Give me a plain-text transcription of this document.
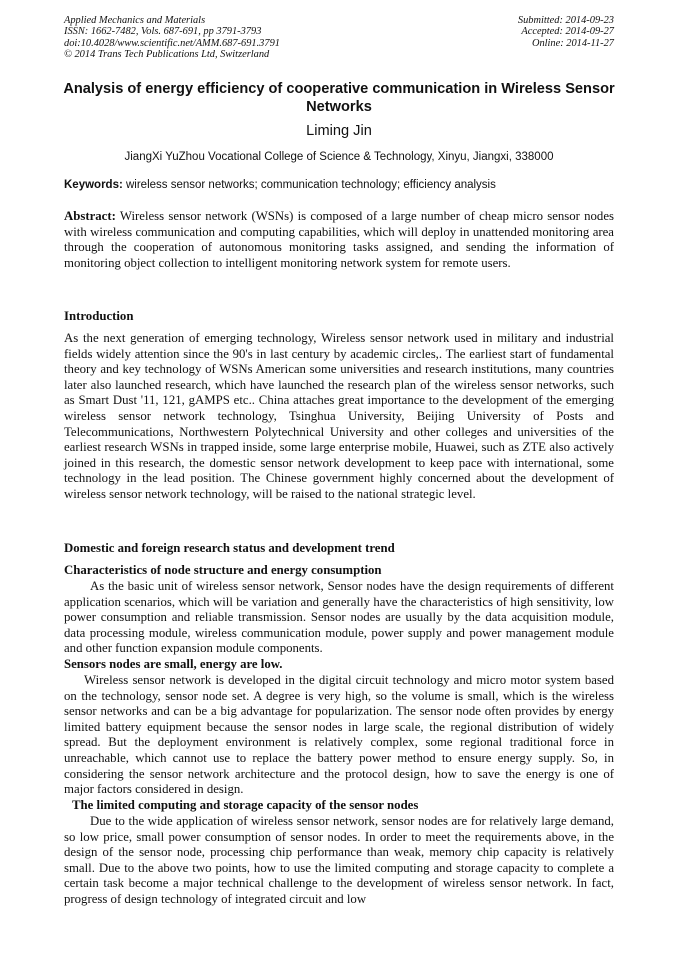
Applied Mechanics and Materials
ISSN: 1662-7482, Vols. 687-691, pp 3791-3793
doi:10.4028/www.scientific.net/AMM.687-691.3791
© 2014 Trans Tech Publications Ltd, Switzerland
Submitted: 2014-09-23
Accepted: 2014-09-27
Online: 2014-11-27
Analysis of energy efficiency of cooperative communication in Wireless Sensor Networks
Liming Jin
JiangXi YuZhou Vocational College of Science & Technology, Xinyu, Jiangxi, 338000
Keywords: wireless sensor networks; communication technology; efficiency analysis
Abstract: Wireless sensor network (WSNs) is composed of a large number of cheap micro sensor nodes with wireless communication and computing capabilities, which will deploy in unattended monitoring area through the cooperation of autonomous monitoring tasks assigned, and sending the information of monitoring object collection to intelligent monitoring network system for remote users.
Introduction
As the next generation of emerging technology, Wireless sensor network used in military and industrial fields widely attention since the 90's in last century by academic circles,. The earliest start of fundamental theory and key technology of WSNs American some universities and research institutions, many countries later also launched research, which have launched the research plan of the wireless sensor networks, such as Smart Dust '11, 121, gAMPS etc.. China attaches great importance to the development of the emerging wireless sensor network technology, Tsinghua University, Beijing University of Posts and Telecommunications, Northwestern Polytechnical University and other colleges and universities of the earliest research WSNs in trapped inside, some large enterprise mobile, Huawei, such as ZTE also actively joined in this research, the domestic sensor network development to keep pace with international, some technology in the lead position. The Chinese government highly concerned about the development of wireless sensor network technology, will be raised to the national strategic level.
Domestic and foreign research status and development trend
Characteristics of node structure and energy consumption
As the basic unit of wireless sensor network, Sensor nodes have the design requirements of different application scenarios, which will be variation and generally have the characteristics of high sensitivity, low power consumption and reliable transmission. Sensor nodes are usually by the data acquisition module, data processing module, wireless communication module, power supply and power management module and other function expansion module components.
Sensors nodes are small, energy are low.
Wireless sensor network is developed in the digital circuit technology and micro motor system based on the technology, sensor node set. A degree is very high, so the volume is small, which is the wireless sensor networks and can be a big advantage for popularization. The sensor node often provides by energy limited battery equipment because the sensor nodes in large scale, the regional distribution of widely spread. But the deployment environment is relatively complex, some regional traditional force in unreachable, which cannot use to replace the battery power method to ensure energy supply. So, in considering the sensor network architecture and the protocol design, how to save the energy is one of major factors considered in design.
The limited computing and storage capacity of the sensor nodes
Due to the wide application of wireless sensor network, sensor nodes are for relatively large demand, so low price, small power consumption of sensor nodes. In order to meet the requirements above, in the design of the sensor node, processing chip performance than weak, memory chip capacity is relatively small. Due to the above two points, how to use the limited computing and storage capacity to complete a certain task become a major technical challenge to the development of wireless sensor network. In fact, progress of design technology of integrated circuit and low
